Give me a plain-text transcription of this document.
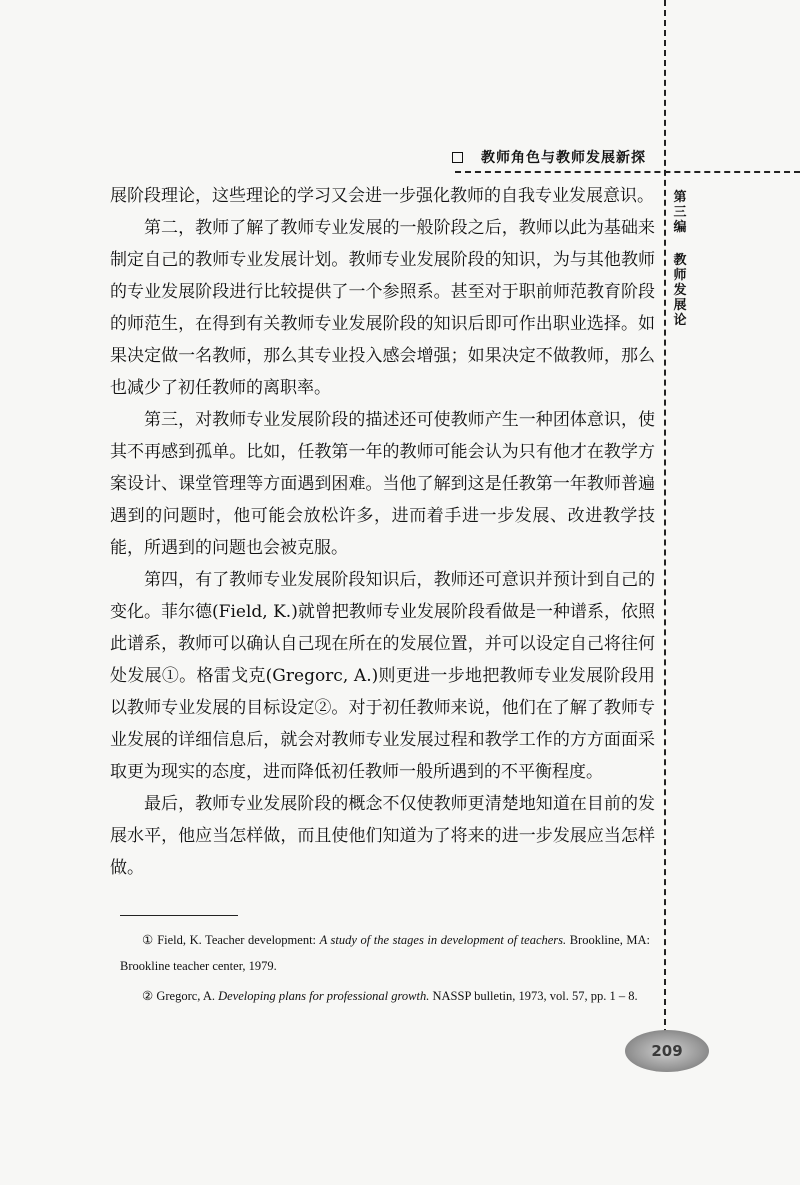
教师角色与教师发展新探
第
三
编
教
师
发
展
论

展阶段理论，这些理论的学习又会进一步强化教师的自我专业发展意识。

第二，教师了解了教师专业发展的一般阶段之后，教师以此为基础来制定自己的教师专业发展计划。教师专业发展阶段的知识，为与其他教师的专业发展阶段进行比较提供了一个参照系。甚至对于职前师范教育阶段的师范生，在得到有关教师专业发展阶段的知识后即可作出职业选择。如果决定做一名教师，那么其专业投入感会增强；如果决定不做教师，那么也减少了初任教师的离职率。

第三，对教师专业发展阶段的描述还可使教师产生一种团体意识，使其不再感到孤单。比如，任教第一年的教师可能会认为只有他才在教学方案设计、课堂管理等方面遇到困难。当他了解到这是任教第一年教师普遍遇到的问题时，他可能会放松许多，进而着手进一步发展、改进教学技能，所遇到的问题也会被克服。

第四，有了教师专业发展阶段知识后，教师还可意识并预计到自己的变化。菲尔德(Field, K.)就曾把教师专业发展阶段看做是一种谱系，依照此谱系，教师可以确认自己现在所在的发展位置，并可以设定自己将往何处发展①。格雷戈克(Gregorc, A.)则更进一步地把教师专业发展阶段用以教师专业发展的目标设定②。对于初任教师来说，他们在了解了教师专业发展的详细信息后，就会对教师专业发展过程和教学工作的方方面面采取更为现实的态度，进而降低初任教师一般所遇到的不平衡程度。

最后，教师专业发展阶段的概念不仅使教师更清楚地知道在目前的发展水平，他应当怎样做，而且使他们知道为了将来的进一步发展应当怎样做。

① Field, K. Teacher development: A study of the stages in development of teachers. Brookline, MA: Brookline teacher center, 1979.

② Gregorc, A. Developing plans for professional growth. NASSP bulletin, 1973, vol. 57, pp. 1 – 8.

209
